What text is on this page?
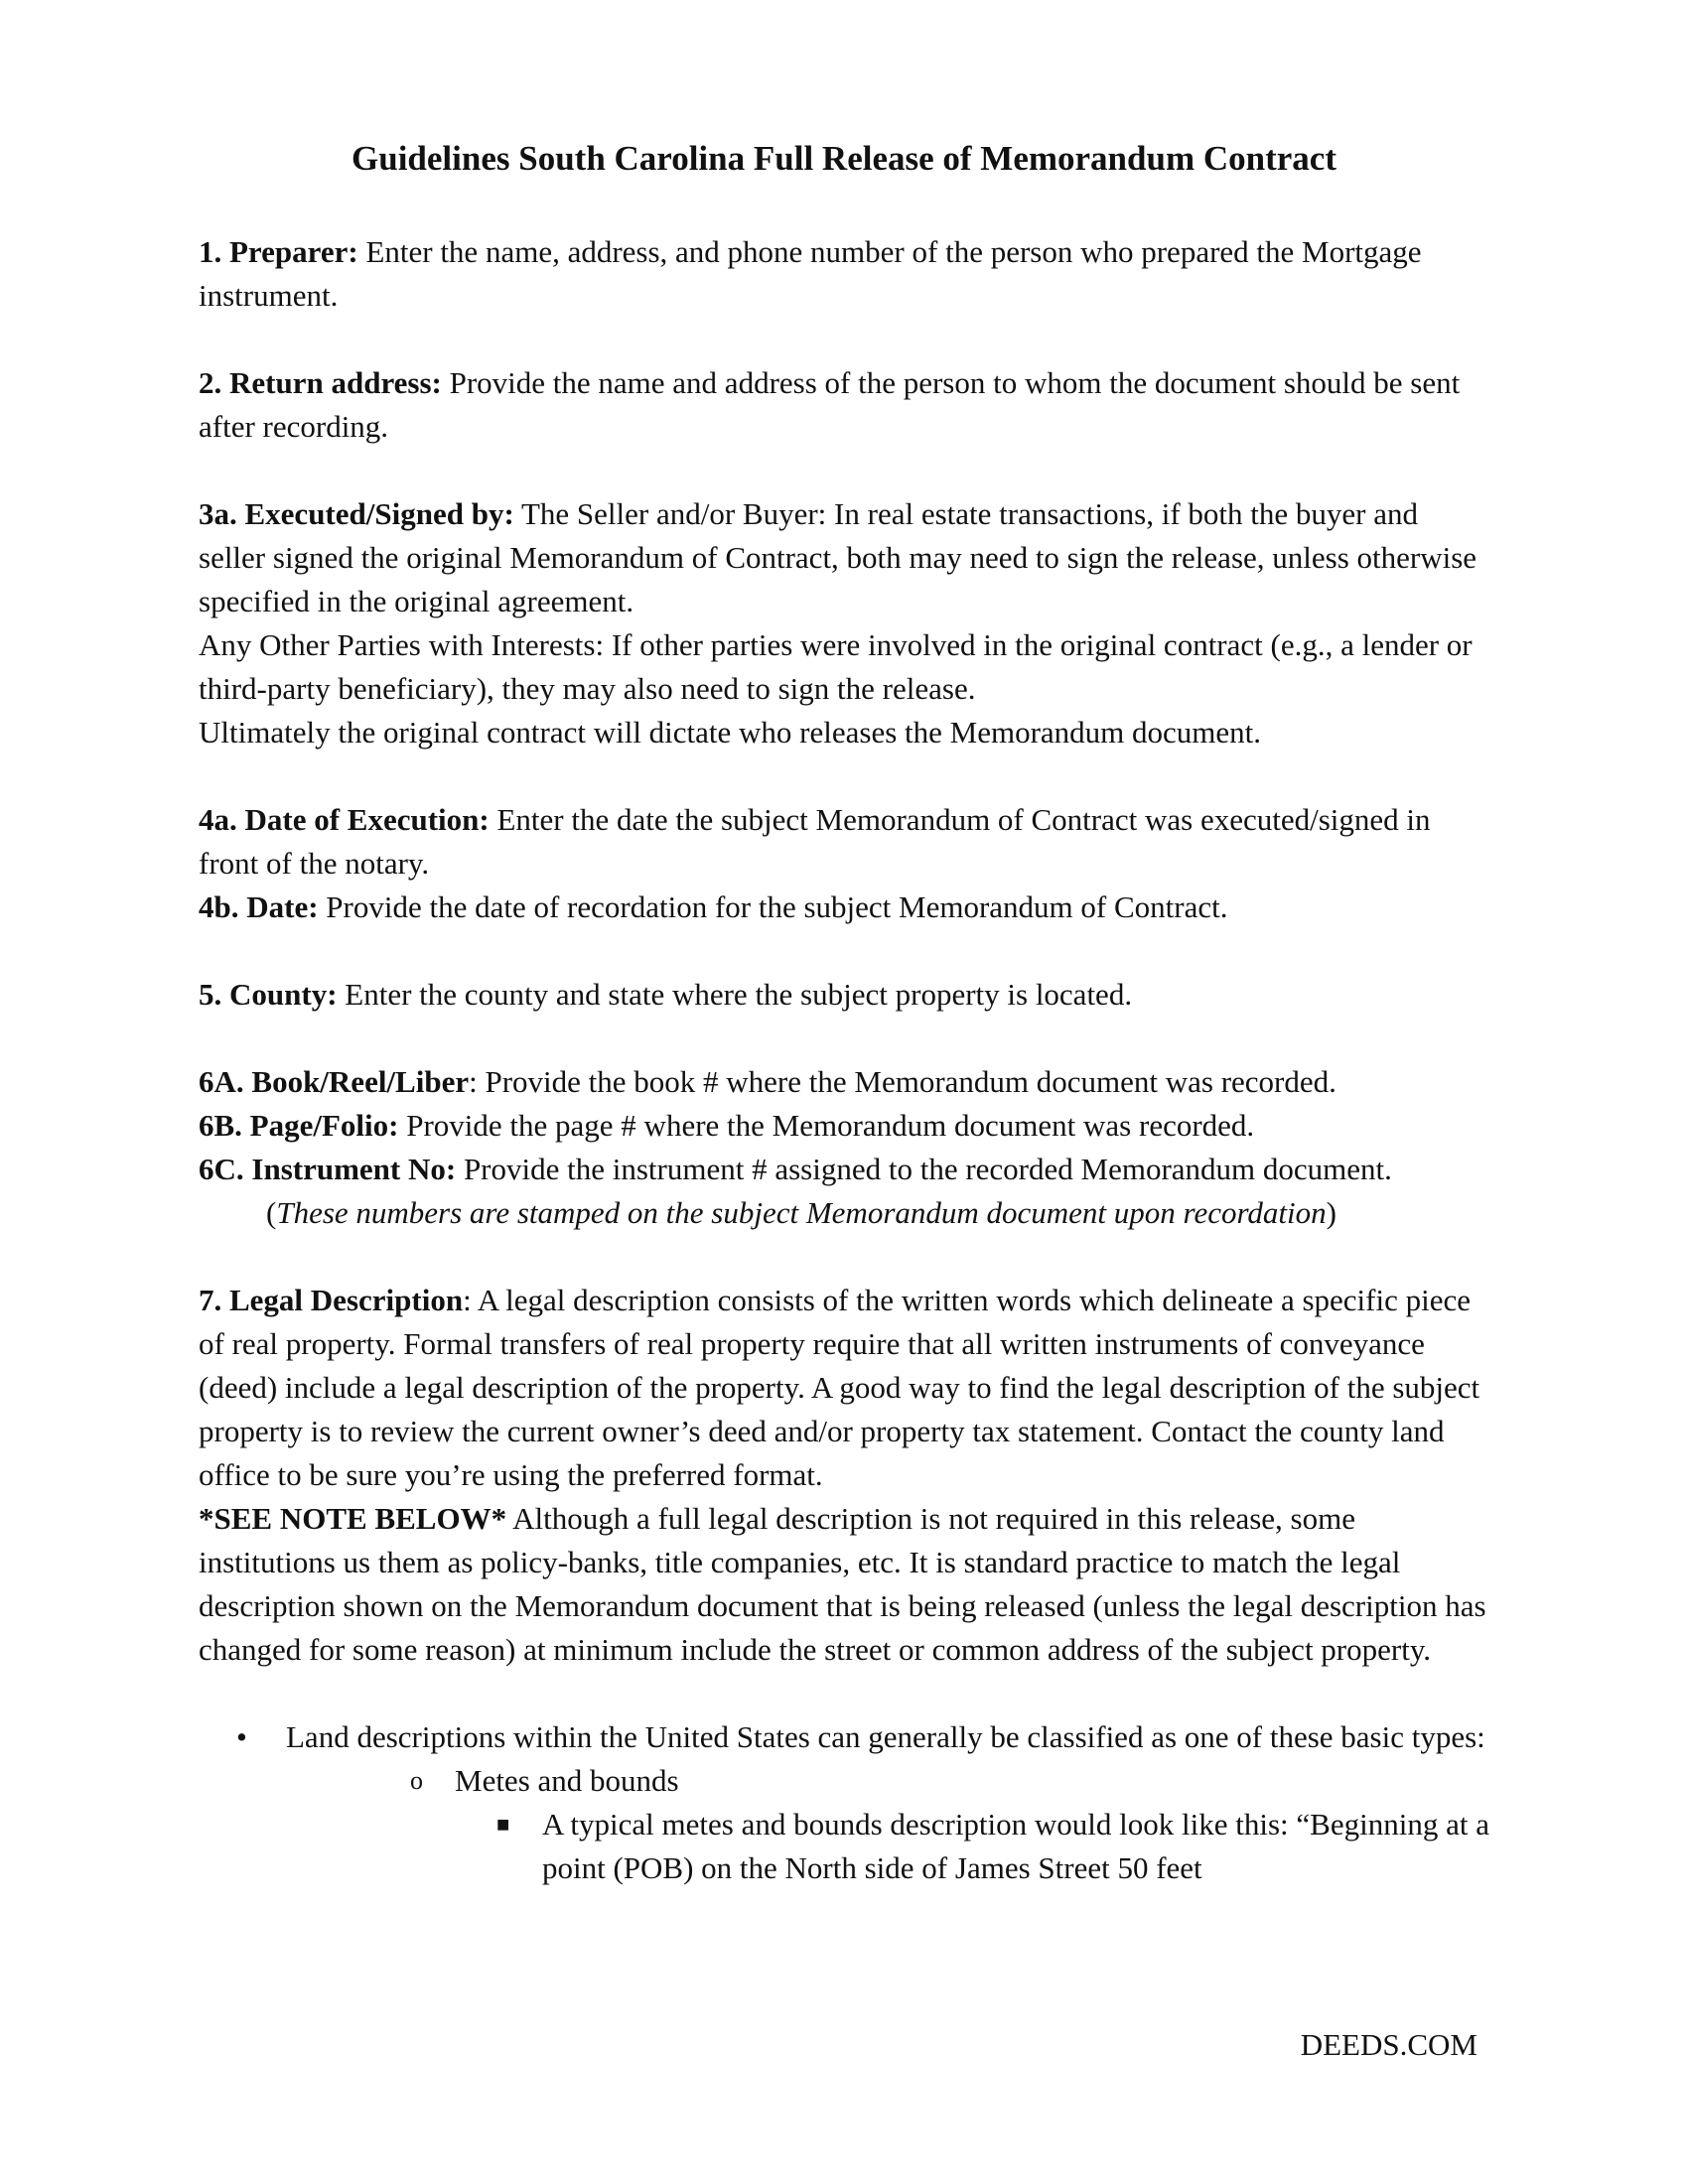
Guidelines South Carolina Full Release of Memorandum Contract

1. Preparer: Enter the name, address, and phone number of the person who prepared the Mortgage instrument.

2. Return address: Provide the name and address of the person to whom the document should be sent after recording.

3a. Executed/Signed by: The Seller and/or Buyer: In real estate transactions, if both the buyer and seller signed the original Memorandum of Contract, both may need to sign the release, unless otherwise specified in the original agreement.

Any Other Parties with Interests: If other parties were involved in the original contract (e.g., a lender or third-party beneficiary), they may also need to sign the release.

Ultimately the original contract will dictate who releases the Memorandum document.

4a. Date of Execution: Enter the date the subject Memorandum of Contract was executed/signed in front of the notary.

4b. Date: Provide the date of recordation for the subject Memorandum of Contract.

5. County: Enter the county and state where the subject property is located.

6A. Book/Reel/Liber: Provide the book # where the Memorandum document was recorded.

6B. Page/Folio: Provide the page # where the Memorandum document was recorded.

6C. Instrument No: Provide the instrument # assigned to the recorded Memorandum document.

(These numbers are stamped on the subject Memorandum document upon recordation)

7. Legal Description: A legal description consists of the written words which delineate a specific piece of real property. Formal transfers of real property require that all written instruments of conveyance (deed) include a legal description of the property. A good way to find the legal description of the subject property is to review the current owner’s deed and/or property tax statement. Contact the county land office to be sure you’re using the preferred format.

*SEE NOTE BELOW* Although a full legal description is not required in this release, some institutions us them as policy-banks, title companies, etc. It is standard practice to match the legal description shown on the Memorandum document that is being released (unless the legal description has changed for some reason) at minimum include the street or common address of the subject property.

• Land descriptions within the United States can generally be classified as one of these basic types:
o Metes and bounds
■ A typical metes and bounds description would look like this: “Beginning at a point (POB) on the North side of James Street 50 feet
DEEDS.COM
